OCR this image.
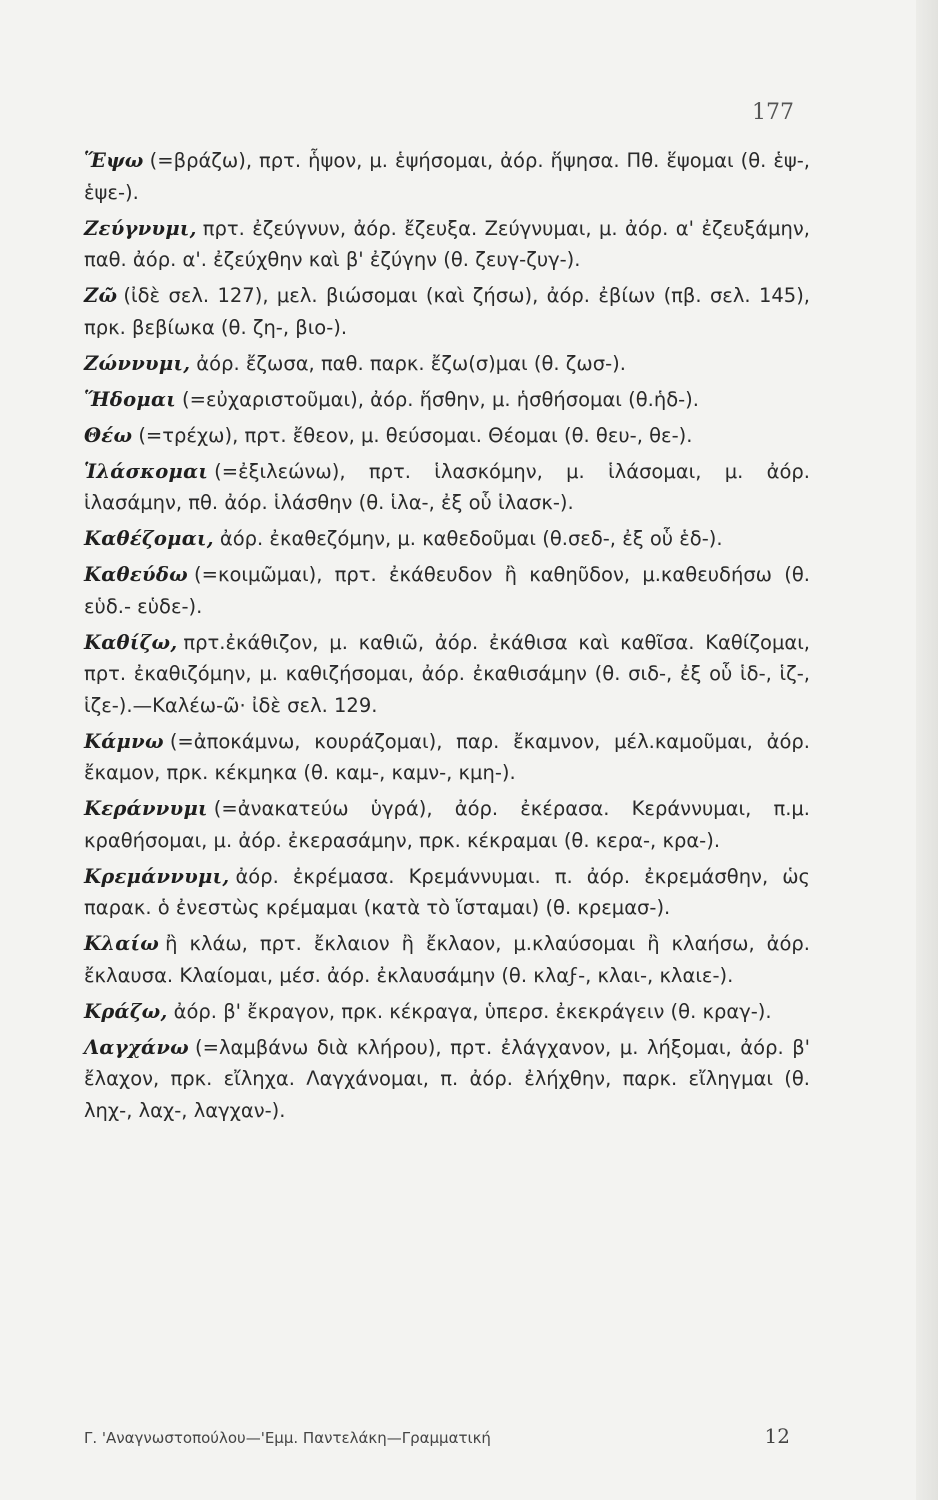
177

Ἕψω (=βράζω), πρτ. ἧψον, μ. ἑψήσομαι, ἀόρ. ἥψησα. Πθ. ἕψομαι (θ. ἑψ-, ἑψε-).

Ζεύγνυμι, πρτ. ἐζεύγνυν, ἀόρ. ἔζευξα. Ζεύγνυμαι, μ. ἀόρ. α' ἐζευξάμην, παθ. ἀόρ. α'. ἐζεύχθην καὶ β' ἐζύγην (θ. ζευγ-ζυγ-).

Ζῶ (ἰδὲ σελ. 127), μελ. βιώσομαι (καὶ ζήσω), ἀόρ. ἐβίων (πβ. σελ. 145), πρκ. βεβίωκα (θ. ζη-, βιο-).

Ζώννυμι, ἀόρ. ἔζωσα, παθ. παρκ. ἔζω(σ)μαι (θ. ζωσ-).

Ἥδομαι (=εὐχαριστοῦμαι), ἀόρ. ἥσθην, μ. ἡσθήσομαι (θ.ἡδ-).

Θέω (=τρέχω), πρτ. ἔθεον, μ. θεύσομαι. Θέομαι (θ. θευ-, θε-).

Ἱλάσκομαι (=ἐξιλεώνω), πρτ. ἱλασκόμην, μ. ἱλάσομαι, μ. ἀόρ. ἱλασάμην, πθ. ἀόρ. ἱλάσθην (θ. ἱλα-, ἐξ οὗ ἱλασκ-).

Καθέζομαι, ἀόρ. ἐκαθεζόμην, μ. καθεδοῦμαι (θ.σεδ-, ἐξ οὗ ἑδ-).

Καθεύδω (=κοιμῶμαι), πρτ. ἐκάθευδον ἢ καθηῦδον, μ.καθευδήσω (θ. εὑδ.- εὑδε-).

Καθίζω, πρτ.ἐκάθιζον, μ. καθιῶ, ἀόρ. ἐκάθισα καὶ καθῖσα. Καθίζομαι, πρτ. ἐκαθιζόμην, μ. καθιζήσομαι, ἀόρ. ἐκαθισάμην (θ. σιδ-, ἐξ οὗ ἱδ-, ἱζ-, ἱζε-).—Καλέω-ῶ· ἰδὲ σελ. 129.

Κάμνω (=ἀποκάμνω, κουράζομαι), παρ. ἔκαμνον, μέλ.καμοῦμαι, ἀόρ. ἔκαμον, πρκ. κέκμηκα (θ. καμ-, καμν-, κμη-).

Κεράννυμι (=ἀνακατεύω ὑγρά), ἀόρ. ἐκέρασα. Κεράννυμαι, π.μ. κραθήσομαι, μ. ἀόρ. ἐκερασάμην, πρκ. κέκραμαι (θ. κερα-, κρα-).

Κρεμάννυμι, ἀόρ. ἐκρέμασα. Κρεμάννυμαι. π. ἀόρ. ἐκρεμάσθην, ὡς παρακ. ὁ ἐνεστὼς κρέμαμαι (κατὰ τὸ ἵσταμαι) (θ. κρεμασ-).

Κλαίω ἢ κλάω, πρτ. ἔκλαιον ἢ ἔκλαον, μ.κλαύσομαι ἢ κλαήσω, ἀόρ. ἔκλαυσα. Κλαίομαι, μέσ. ἀόρ. ἐκλαυσάμην (θ. κλαϝ-, κλαι-, κλαιε-).

Κράζω, ἀόρ. β' ἔκραγον, πρκ. κέκραγα, ὑπερσ. ἐκεκράγειν (θ. κραγ-).

Λαγχάνω (=λαμβάνω διὰ κλήρου), πρτ. ἐλάγχανον, μ. λήξομαι, ἀόρ. β' ἔλαχον, πρκ. εἴληχα. Λαγχάνομαι, π. ἀόρ. ἐλήχθην, παρκ. εἴληγμαι (θ. ληχ-, λαχ-, λαγχαν-).

Γ. 'Αναγνωστοπούλου—'Εμμ. Παντελάκη—Γραμματική	12
